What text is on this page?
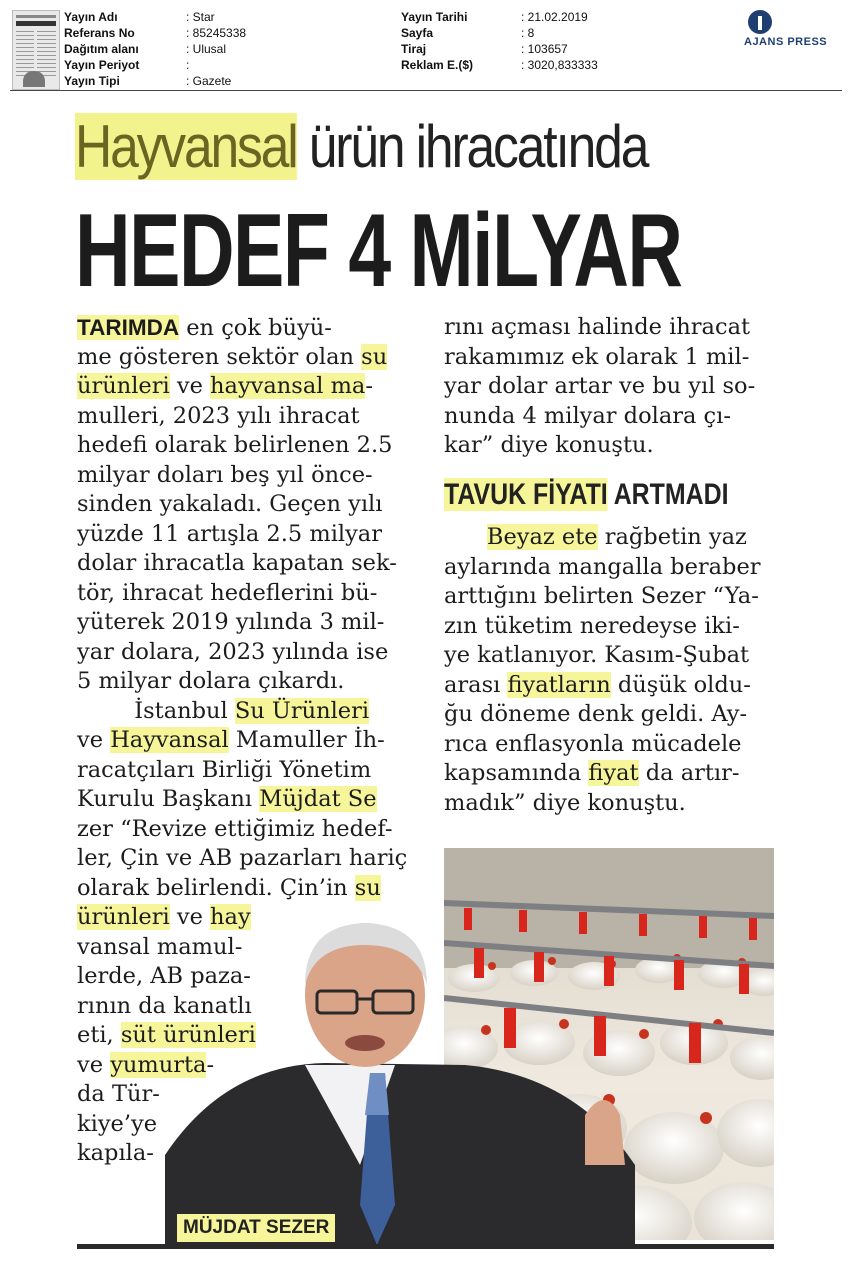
Yayın Adı
Referans No
Dağıtım alanı
Yayın Periyot
Yayın Tipi
: Star
: 85245338
: Ulusal
:
: Gazete
Yayın Tarihi
Sayfa
Tiraj
Reklam E.($)
: 21.02.2019
: 8
: 103657
: 3020,833333
AJANS PRESS
Hayvansal ürün ihracatında
HEDEF 4 MiLYAR
TARIMDA en çok büyü-
me gösteren sektör olan su
ürünleri ve hayvansal ma-
mulleri, 2023 yılı ihracat
hedefi olarak belirlenen 2.5
milyar doları beş yıl önce-
sinden yakaladı. Geçen yılı
yüzde 11 artışla 2.5 milyar
dolar ihracatla kapatan sek-
tör, ihracat hedeflerini bü-
yüterek 2019 yılında 3 mil-
yar dolara, 2023 yılında ise
5 milyar dolara çıkardı.
İstanbul Su Ürünleri
ve Hayvansal Mamuller İh-
racatçıları Birliği Yönetim
Kurulu Başkanı Müjdat Se
zer “Revize ettiğimiz hedef-
ler, Çin ve AB pazarları hariç
olarak belirlendi. Çin’in su
ürünleri ve hay
vansal mamul-
lerde, AB paza-
rının da kanatlı
eti, süt ürünleri
ve yumurta-
da Tür-
kiye’ye
kapıla-
rını açması halinde ihracat
rakamımız ek olarak 1 mil-
yar dolar artar ve bu yıl so-
nunda 4 milyar dolara çı-
kar” diye konuştu.
TAVUK FİYATI ARTMADI
Beyaz ete rağbetin yaz
aylarında mangalla beraber
arttığını belirten Sezer “Ya-
zın tüketim neredeyse iki-
ye katlanıyor. Kasım-Şubat
arası fiyatların düşük oldu-
ğu döneme denk geldi. Ay-
rıca enflasyonla mücadele
kapsamında fiyat da artır-
madık” diye konuştu.
MÜJDAT SEZER
